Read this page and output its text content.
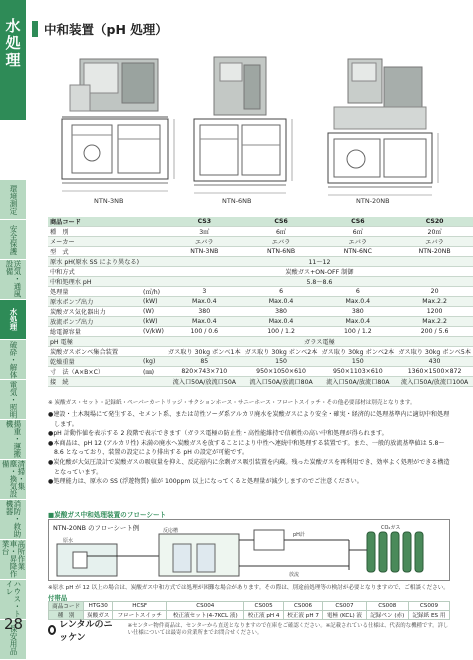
水処理
環境測定
安全保護
送気・通風設備
水処理
破砕・解体
電気・照明
揚重・運搬機
清掃・集塵・換気設備
消防・救助機器
高所作業車・昇降作業台
ハウス・トイレ
保安用品
28
中和装置（pH 処理）
NTN-3NB	NTN-6NB	NTN-20NB
商品コード		CS3	CS6	CS6	CS20
種　別		3㎥	6㎥	6㎥	20㎥
メーカー		エバラ	エバラ	エバラ	エバラ
型　式		NTN-3NB	NTN-6NB	NTN-6NC	NTN-20NB
原水 pH(原水 SS により異なる)		11〜12			
中和方式		炭酸ガス+ON-OFF 制御			
中和処理水 pH		5.8〜8.6			
処理量	(㎥/h)	3	6	6	20
原水ポンプ出力	(kW)	Max.0.4	Max.0.4	Max.0.4	Max.2.2
炭酸ガス気化器出力	(W)	380	380	380	1200
放流ポンプ出力	(kW)	Max.0.4	Max.0.4	Max.0.4	Max.2.2
総電源容量	(V/kW)	100 / 0.6	100 / 1.2	100 / 1.2	200 / 5.6
pH 電極		ガラス電極			
炭酸ガスボンベ集合装置		ガス取り 30kg ボンベ1本	ガス取り 30kg ボンベ2本	ガス取り 30kg ボンベ2本	ガス取り 30kg ボンベ5本
乾燥重量	(kg)	85	150	150	430
寸　法（A×B×C）	(㎜)	820×743×710	950×1050×610	950×1103×610	1360×1500×872
接　続		流入口50A/放流口50A	流入口50A/放流口80A	流入口50A/放流口80A	流入口50A/放流口100A
※ 炭酸ガス・セット・記録紙・ペーパーカートリッジ・サクションホース・サニーホース・フロートスイッチ・その他必要部材は別売となります。

●建設・土木現場にて発生する、セメント系、または苛性ソーダ系アルカリ廃水を炭酸ガスにより安全・確実・経済的に処理基準内に適切中和処理します。

●pH 計動作値を表示する 2 段階で表示できます（ガラス電極の防止性・高性能維持で信頼性の高い中和処理が得られます。

●本商品は、pH 12 (アルカリ性) 未満の廃水へ炭酸ガスを放することにより中性へ連続中和処理する装置です。また、一般的放流基準値は 5.8〜8.6 となっており、装置の設定により排出する pH の設定が可能です。

●炭化酸が大気圧設計で炭酸ガスの吸収量を抑え、反応層内に余剰ガス吸引装置を内蔵。残った炭酸ガスを再利用でき、効率よく処理ができる構造となっています。

●処理能力は、原水の SS (浮遊物質) 値が 100ppm 以上になってくると処理量が減少しますのでご注意ください。

■炭酸ガス中和処理装置のフローシート
NTN-20NB のフローシート例
原水
反応槽
pH計
放流
CO₂ガス
※原水 pH が 12 以上の場合は、炭酸ガス中和方式では処理が困難な場合があります。その際は、別途前処理等の検討が必要となりますので、ご相談ください。
付帯品
商品コード	HTG30	HCSF	CS004	CS005	CS006	CS007	CS008	CS009
種　別	炭酸ガス	フロートスイッチ	校正液セット(4-7KCL 液)	校正液 pH 4	校正液 pH 7	電極 (KCL) 液	記録ペン (赤)	記録紙 ES 用
レンタルのニッケン
※センター物件商品は、センターから直送となりますので在庫をご確認ください。※記載されている仕様は、代表的な機種です。詳しい仕様については最寄の営業所までお問合せください。
